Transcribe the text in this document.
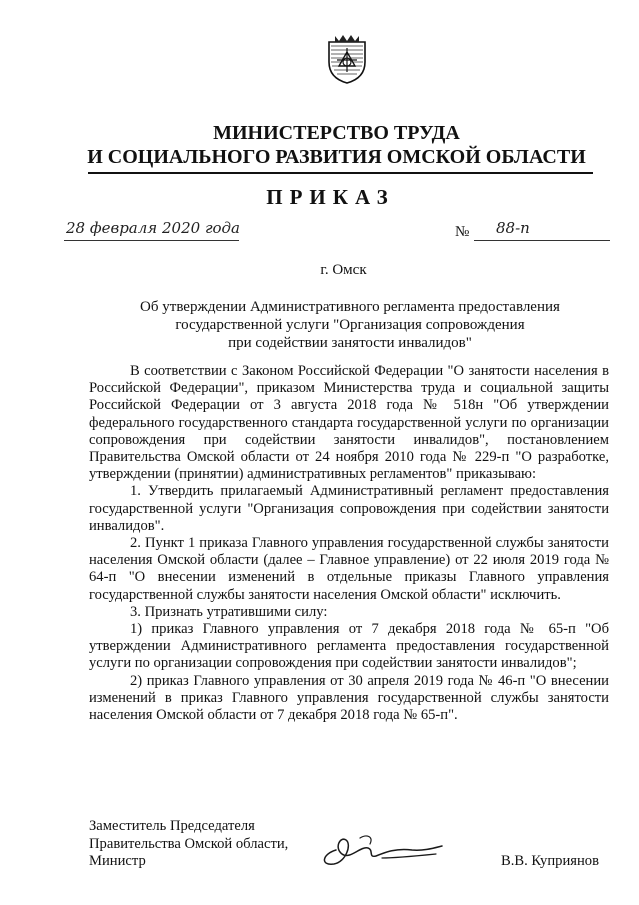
МИНИСТЕРСТВО ТРУДА
И СОЦИАЛЬНОГО РАЗВИТИЯ ОМСКОЙ ОБЛАСТИ
ПРИКАЗ
28 февраля 2020 года	№ 88-п
г. Омск
Об утверждении Административного регламента предоставления
государственной услуги "Организация сопровождения
при содействии занятости инвалидов"

В соответствии с Законом Российской Федерации "О занятости населения в Российской Федерации", приказом Министерства труда и социальной защиты Российской Федерации от 3 августа 2018 года № 518н "Об утверждении федерального государственного стандарта государственной услуги по организации сопровождения при содействии занятости инвалидов", постановлением Правительства Омской области от 24 ноября 2010 года № 229-п "О разработке, утверждении (принятии) административных регламентов" приказываю:

1. Утвердить прилагаемый Административный регламент предоставления государственной услуги "Организация сопровождения при содействии занятости инвалидов".

2. Пункт 1 приказа Главного управления государственной службы занятости населения Омской области (далее – Главное управление) от 22 июля 2019 года № 64-п "О внесении изменений в отдельные приказы Главного управления государственной службы занятости населения Омской области" исключить.

3. Признать утратившими силу:

1) приказ Главного управления от 7 декабря 2018 года № 65-п "Об утверждении Административного регламента предоставления государственной услуги по организации сопровождения при содействии занятости инвалидов";

2) приказ Главного управления от 30 апреля 2019 года № 46-п "О внесении изменений в приказ Главного управления государственной службы занятости населения Омской области от 7 декабря 2018 года № 65-п".

Заместитель Председателя
Правительства Омской области,
Министр	В.В. Куприянов
